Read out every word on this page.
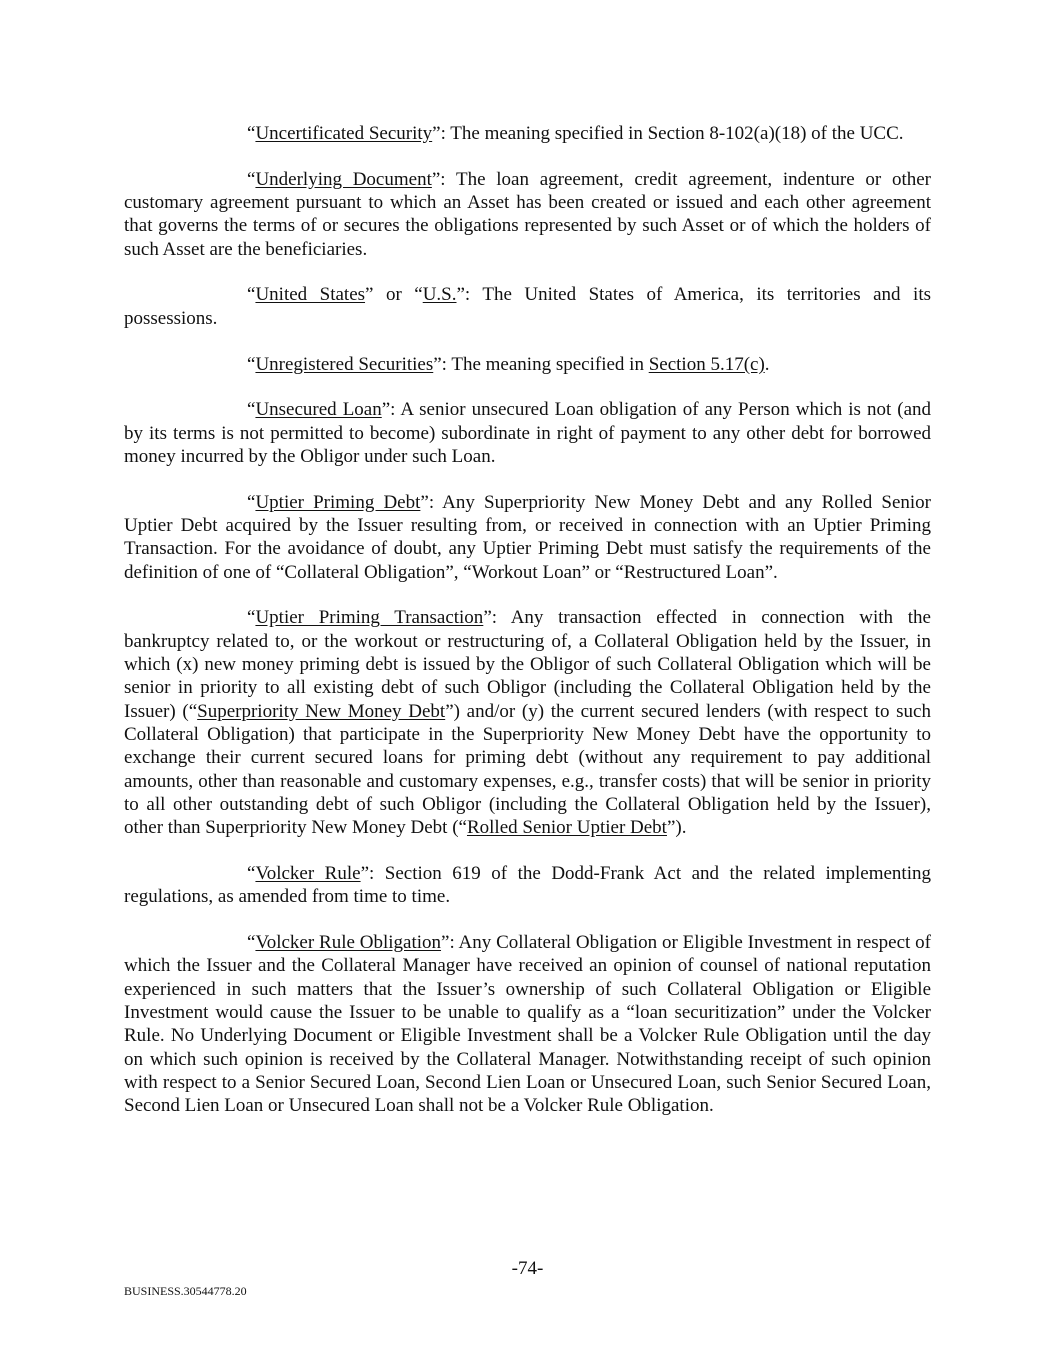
“Uncertificated Security”: The meaning specified in Section 8-102(a)(18) of the UCC.

“Underlying Document”: The loan agreement, credit agreement, indenture or other customary agreement pursuant to which an Asset has been created or issued and each other agreement that governs the terms of or secures the obligations represented by such Asset or of which the holders of such Asset are the beneficiaries.

“United States” or “U.S.”: The United States of America, its territories and its possessions.

“Unregistered Securities”: The meaning specified in Section 5.17(c).

“Unsecured Loan”: A senior unsecured Loan obligation of any Person which is not (and by its terms is not permitted to become) subordinate in right of payment to any other debt for borrowed money incurred by the Obligor under such Loan.

“Uptier Priming Debt”: Any Superpriority New Money Debt and any Rolled Senior Uptier Debt acquired by the Issuer resulting from, or received in connection with an Uptier Priming Transaction. For the avoidance of doubt, any Uptier Priming Debt must satisfy the requirements of the definition of one of “Collateral Obligation”, “Workout Loan” or “Restructured Loan”.

“Uptier Priming Transaction”: Any transaction effected in connection with the bankruptcy related to, or the workout or restructuring of, a Collateral Obligation held by the Issuer, in which (x) new money priming debt is issued by the Obligor of such Collateral Obligation which will be senior in priority to all existing debt of such Obligor (including the Collateral Obligation held by the Issuer) (“Superpriority New Money Debt”) and/or (y) the current secured lenders (with respect to such Collateral Obligation) that participate in the Superpriority New Money Debt have the opportunity to exchange their current secured loans for priming debt (without any requirement to pay additional amounts, other than reasonable and customary expenses, e.g., transfer costs) that will be senior in priority to all other outstanding debt of such Obligor (including the Collateral Obligation held by the Issuer), other than Superpriority New Money Debt (“Rolled Senior Uptier Debt”).

“Volcker Rule”: Section 619 of the Dodd-Frank Act and the related implementing regulations, as amended from time to time.

“Volcker Rule Obligation”: Any Collateral Obligation or Eligible Investment in respect of which the Issuer and the Collateral Manager have received an opinion of counsel of national reputation experienced in such matters that the Issuer’s ownership of such Collateral Obligation or Eligible Investment would cause the Issuer to be unable to qualify as a “loan securitization” under the Volcker Rule. No Underlying Document or Eligible Investment shall be a Volcker Rule Obligation until the day on which such opinion is received by the Collateral Manager. Notwithstanding receipt of such opinion with respect to a Senior Secured Loan, Second Lien Loan or Unsecured Loan, such Senior Secured Loan, Second Lien Loan or Unsecured Loan shall not be a Volcker Rule Obligation.

-74-
BUSINESS.30544778.20
